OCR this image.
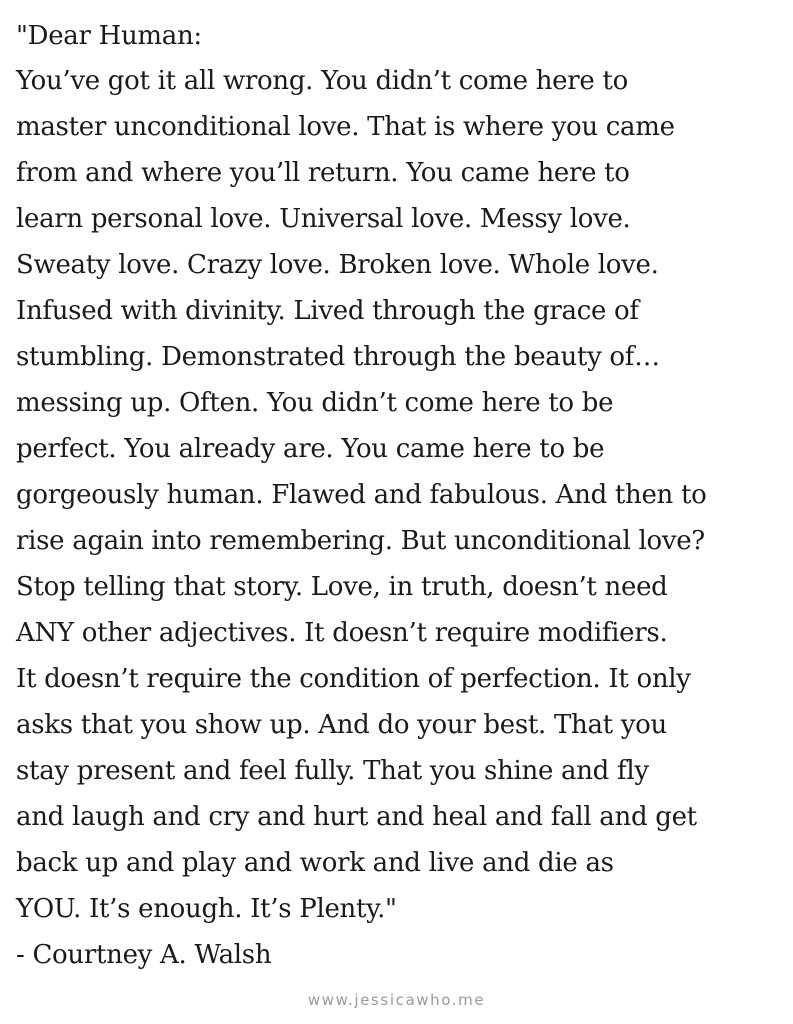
"Dear Human:
You’ve got it all wrong. You didn’t come here to
master unconditional love. That is where you came
from and where you’ll return. You came here to
learn personal love. Universal love. Messy love.
Sweaty love. Crazy love. Broken love. Whole love.
Infused with divinity. Lived through the grace of
stumbling. Demonstrated through the beauty of…
messing up. Often. You didn’t come here to be
perfect. You already are. You came here to be
gorgeously human. Flawed and fabulous. And then to
rise again into remembering. But unconditional love?
Stop telling that story. Love, in truth, doesn’t need
ANY other adjectives. It doesn’t require modifiers.
It doesn’t require the condition of perfection. It only
asks that you show up. And do your best. That you
stay present and feel fully. That you shine and fly
and laugh and cry and hurt and heal and fall and get
back up and play and work and live and die as
YOU. It’s enough. It’s Plenty."
- Courtney A. Walsh
www.jessicawho.me
